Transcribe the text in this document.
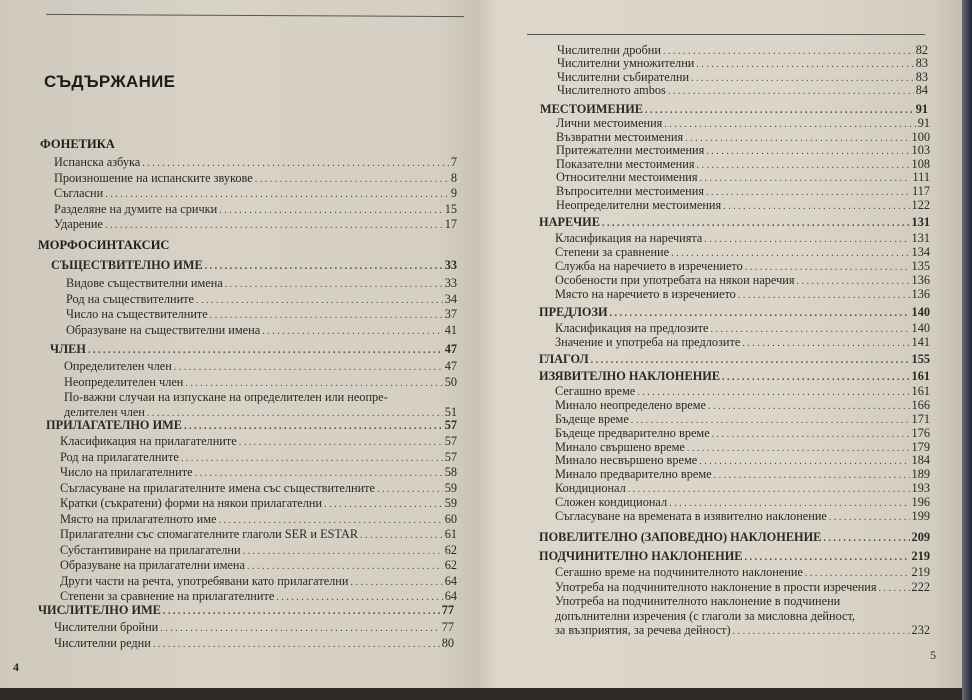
СЪДЪРЖАНИЕ
ФОНЕТИКА
Испанска азбука . . .	7
Произношение на испанските звукове . . .	8
Съгласни . . .	9
Разделяне на думите на срички . . .	15
Ударение . . .	17
МОРФОСИНТАКСИС
СЪЩЕСТВИТЕЛНО ИМЕ . . .	33
Видове съществителни имена . . .	33
Род на съществителните . . .	34
Число на съществителните . . .	37
Образуване на съществителни имена . . .	41
ЧЛЕН . . .	47
Определителен член . . .	47
Неопределителен член . . .	50
По-важни случаи на изпускане на определителен или неопре-
делителен член . . .	51
ПРИЛАГАТЕЛНО ИМЕ . . .	57
Класификация на прилагателните . . .	57
Род на прилагателните . . .	57
Число на прилагателните . . .	58
Съгласуване на прилагателните имена със съществителните . . .	59
Кратки (съкратени) форми на някои прилагателни . . .	59
Място на прилагателното име . . .	60
Прилагателни със спомагателните глаголи SER и ESTAR . . .	61
Субстантивиране на прилагателни . . .	62
Образуване на прилагателни имена . . .	62
Други части на речта, употребявани като прилагателни . . .	64
Степени за сравнение на прилагателните . . .	64
ЧИСЛИТЕЛНО ИМЕ . . .	77
Числителни бройни . . .	77
Числителни редни . . .	80
4
Числителни дробни . . .	82
Числителни умножителни . . .	83
Числителни събирателни . . .	83
Числителното ambos . . .	84
МЕСТОИМЕНИЕ . . .	91
Лични местоимения . . .	91
Възвратни местоимения . . .	100
Притежателни местоимения . . .	103
Показателни местоимения . . .	108
Относителни местоимения . . .	111
Въпросителни местоимения . . .	117
Неопределителни местоимения . . .	122
НАРЕЧИЕ . . .	131
Класификация на наречията . . .	131
Степени за сравнение . . .	134
Служба на наречието в изречението . . .	135
Особености при употребата на някои наречия . . .	136
Място на наречието в изречението . . .	136
ПРЕДЛОЗИ . . .	140
Класификация на предлозите . . .	140
Значение и употреба на предлозите . . .	141
ГЛАГОЛ . . .	155
ИЗЯВИТЕЛНО НАКЛОНЕНИЕ . . .	161
Сегашно време . . .	161
Минало неопределено време . . .	166
Бъдеще време . . .	171
Бъдеще предварително време . . .	176
Минало свършено време . . .	179
Минало несвършено време . . .	184
Минало предварително време . . .	189
Кондиционал . . .	193
Сложен кондиционал . . .	196
Съгласуване на времената в изявително наклонение . . .	199
ПОВЕЛИТЕЛНО (ЗАПОВЕДНО) НАКЛОНЕНИЕ . . .	209
ПОДЧИНИТЕЛНО НАКЛОНЕНИЕ . . .	219
Сегашно време на подчинителното наклонение . . .	219
Употреба на подчинителното наклонение в прости изречения . . .	222
Употреба на подчинителното наклонение в подчинени
допълнителни изречения (с глаголи за мисловна дейност,
за възприятия, за речева дейност) . . .	232
5
